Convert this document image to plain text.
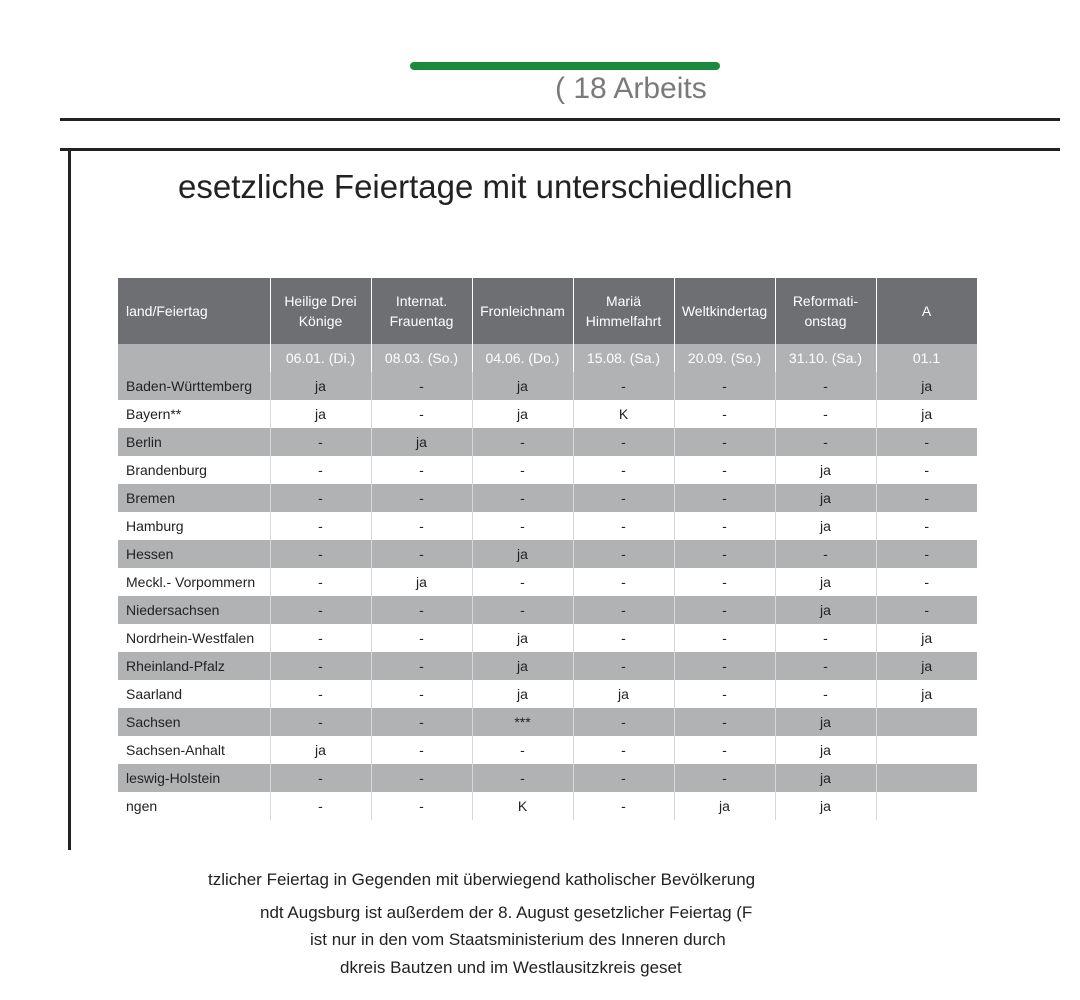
( 18 Arbeits
esetzliche Feiertage mit unterschiedlichen
land/Feiertag	Heilige Drei Könige	Internat. Frauentag	Fronleichnam	Mariä Himmelfahrt	Weltkindertag	Reformati-onstag	A
	06.01. (Di.)	08.03. (So.)	04.06. (Do.)	15.08. (Sa.)	20.09. (So.)	31.10. (Sa.)	01.1
Baden-Württemberg	ja	-	ja	-	-	-	ja
Bayern**	ja	-	ja	K	-	-	ja
Berlin	-	ja	-	-	-	-	-
Brandenburg	-	-	-	-	-	ja	-
Bremen	-	-	-	-	-	ja	-
Hamburg	-	-	-	-	-	ja	-
Hessen	-	-	ja	-	-	-	-
Meckl.- Vorpommern	-	ja	-	-	-	ja	-
Niedersachsen	-	-	-	-	-	ja	-
Nordrhein-Westfalen	-	-	ja	-	-	-	ja
Rheinland-Pfalz	-	-	ja	-	-	-	ja
Saarland	-	-	ja	ja	-	-	ja
Sachsen	-	-	***	-	-	ja	
Sachsen-Anhalt	ja	-	-	-	-	ja	
leswig-Holstein	-	-	-	-	-	ja	
ngen	-	-	K	-	ja	ja	
tzlicher Feiertag in Gegenden mit überwiegend katholischer Bevölkerung
ndt Augsburg ist außerdem der 8. August gesetzlicher Feiertag (F
ist nur in den vom Staatsministerium des Inneren durch
dkreis Bautzen und im Westlausitzkreis geset
